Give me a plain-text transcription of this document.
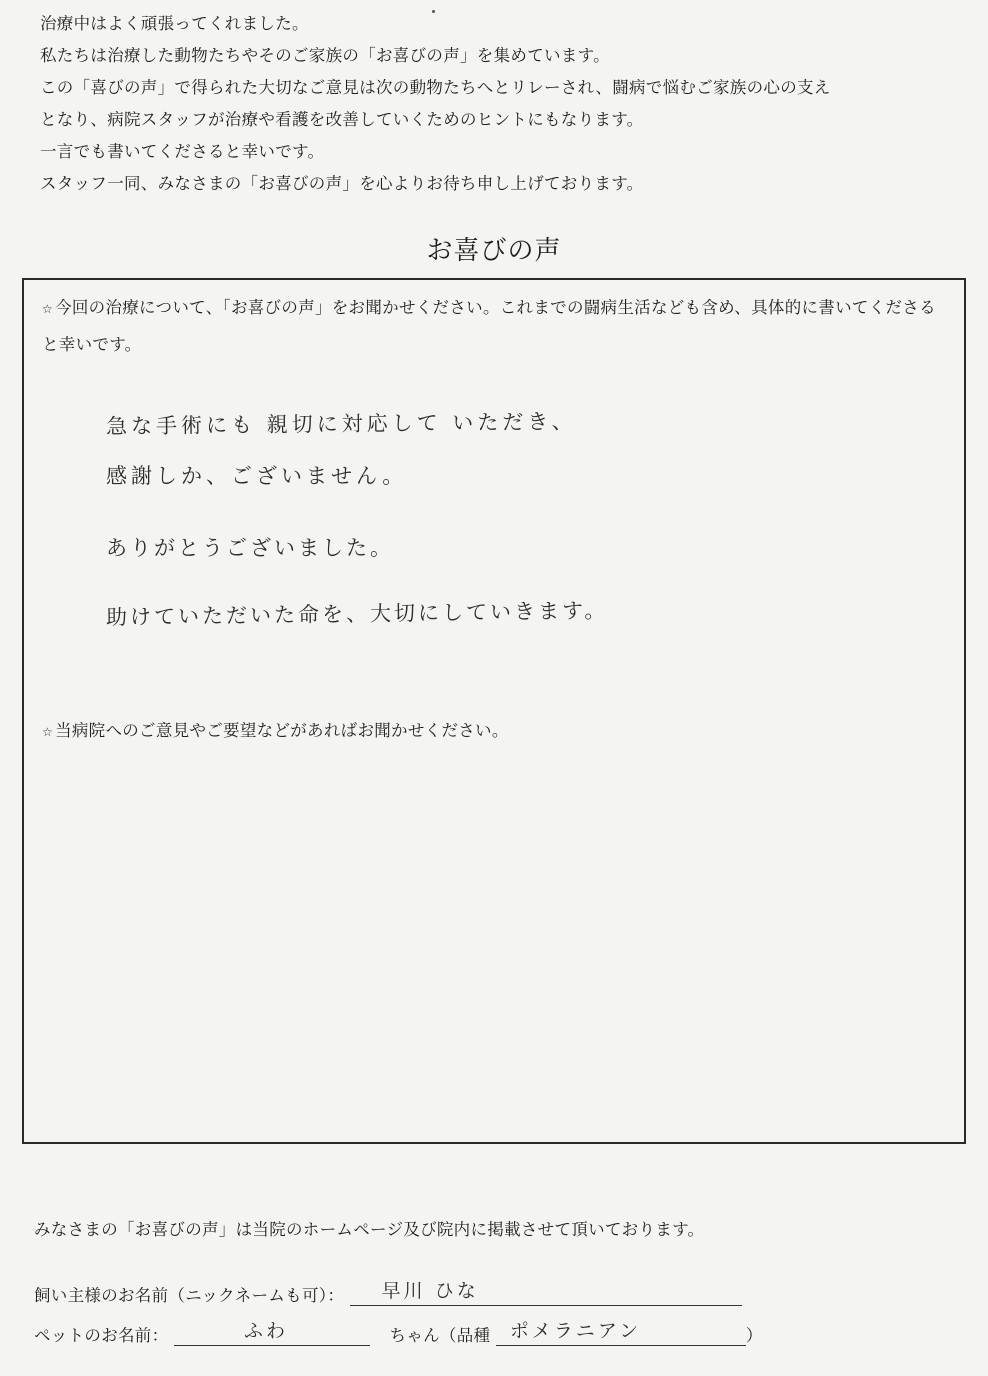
治療中はよく頑張ってくれました。

私たちは治療した動物たちやそのご家族の「お喜びの声」を集めています。

この「喜びの声」で得られた大切なご意見は次の動物たちへとリレーされ、闘病で悩むご家族の心の支え

となり、病院スタッフが治療や看護を改善していくためのヒントにもなります。

一言でも書いてくださると幸いです。

スタッフ一同、みなさまの「お喜びの声」を心よりお待ち申し上げております。

お喜びの声
☆ 今回の治療について、「お喜びの声」をお聞かせください。これまでの闘病生活なども含め、具体的に書いてくださると幸いです。
急な手術にも 親切に対応して いただき、
感謝しか、ございません。
ありがとうございました。
助けていただいた命を、大切にしていきます。
☆ 当病院へのご意見やご要望などがあればお聞かせください。
みなさまの「お喜びの声」は当院のホームページ及び院内に掲載させて頂いております。
飼い主様のお名前（ニックネームも可）： 早川 ひな
ペットのお名前：	ふわ	ちゃん（品種 ポメラニアン	）
